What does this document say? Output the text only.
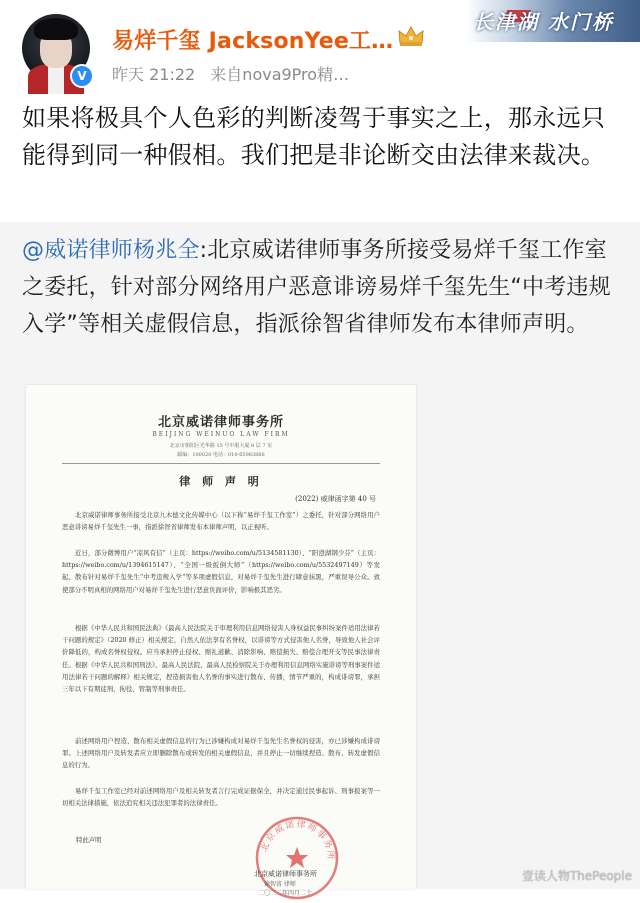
V
易烊千玺 JacksonYee工…
昨天 21:22 来自nova9Pro精…
长津湖 水门桥
如果将极具个人色彩的判断凌驾于事实之上，那永远只能得到同一种假相。我们把是非论断交由法律来裁决。
@威诺律师杨兆全:北京威诺律师事务所接受易烊千玺工作室之委托，针对部分网络用户恶意诽谤易烊千玺先生“中考违规入学”等相关虚假信息，指派徐智省律师发布本律师声明。
北京威诺律师事务所
BEIJING WEINUO LAW FIRM
北京市朝阳区光华路 15 号中服大厦 8 层 7 室
邮编：100020 电话：010-65983886
律 师 声 明
(2022) 威律函字第 40 号
北京威诺律师事务所接受北京九木德文化传媒中心（以下称“易烊千玺工作室”）之委托，针对部分网络用户恶意诽谤易烊千玺先生一事，指派徐智省律师发布本律师声明，以正视听。
近日，部分微博用户“凉风有信”（主页：https://weibo.com/u/5134581130）、“阳澄湖钢少芬”（主页：https://weibo.com/u/1394615147）、“全国一级扳倒大师”（https://weibo.com/u/5532497149）等发起、散布针对易烊千玺先生“中考违规入学”等多项虚假信息，对易烊千玺先生进行肆意抹黑，严重误导公众。致使部分不明真相的网络用户对易烊千玺先生进行恶意负面评价，影响极其恶劣。
根据《中华人民共和国民法典》《最高人民法院关于审理利用信息网络侵害人身权益民事纠纷案件适用法律若干问题的规定》（2020 修正）相关规定，自然人依法享有名誉权，以诽谤等方式侵害他人名誉，导致他人社会评价降低的，构成名誉权侵权。应当承担停止侵权、赔礼道歉、消除影响、赔偿损失、赔偿合理开支等民事法律责任。根据《中华人民共和国刑法》、最高人民法院、最高人民检察院关于办理利用信息网络实施诽谤等刑事案件适用法律若干问题的解释》相关规定，捏造损害他人名誉的事实进行散布、传播，情节严重的，构成诽谤罪，承担三年以下有期徒刑、拘役、管制等刑事责任。
前述网络用户捏造、散布相关虚假信息的行为已涉嫌构成对易烊千玺先生名誉权的侵害，亦已涉嫌构成诽谤罪。上述网络用户及转发者应立即删除散布或转发的相关虚假信息，并且停止一切继续捏造、散布、转发虚假信息的行为。
易烊千玺工作室已经对前述网络用户及相关转发者言行完成证据保全，并决定通过民事起诉、刑事报案等一切相关法律措施，依法追究相关违法犯罪者的法律责任。
特此声明	北京威诺律师事务所
北京威诺律师事务所
徐智省 律师
二〇二二年四月二十
壹读人物ThePeople
